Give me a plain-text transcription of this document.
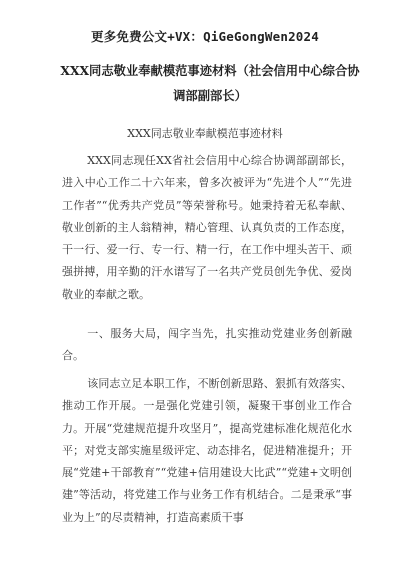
更多免费公文+VX：QiGeGongWen2024
XXX同志敬业奉献模范事迹材料（社会信用中心综合协调部副部长）
XXX同志敬业奉献模范事迹材料

XXX同志现任XX省社会信用中心综合协调部副部长，进入中心工作二十六年来，曾多次被评为“先进个人”“先进工作者”“优秀共产党员”等荣誉称号。她秉持着无私奉献、敬业创新的主人翁精神，精心管理、认真负责的工作态度，干一行、爱一行、专一行、精一行，在工作中埋头苦干、顽强拼搏，用辛勤的汗水谱写了一名共产党员创先争优、爱岗敬业的奉献之歌。

一、服务大局，闯字当先，扎实推动党建业务创新融合。

该同志立足本职工作，不断创新思路、狠抓有效落实、推动工作开展。一是强化党建引领，凝聚干事创业工作合力。开展“党建规范提升攻坚月”，提高党建标准化规范化水平；对党支部实施星级评定、动态排名，促进精准提升；开展“党建+干部教育”“党建+信用建设大比武”“党建+文明创建”等活动，将党建工作与业务工作有机结合。二是秉承“事业为上”的尽责精神，打造高素质干事
